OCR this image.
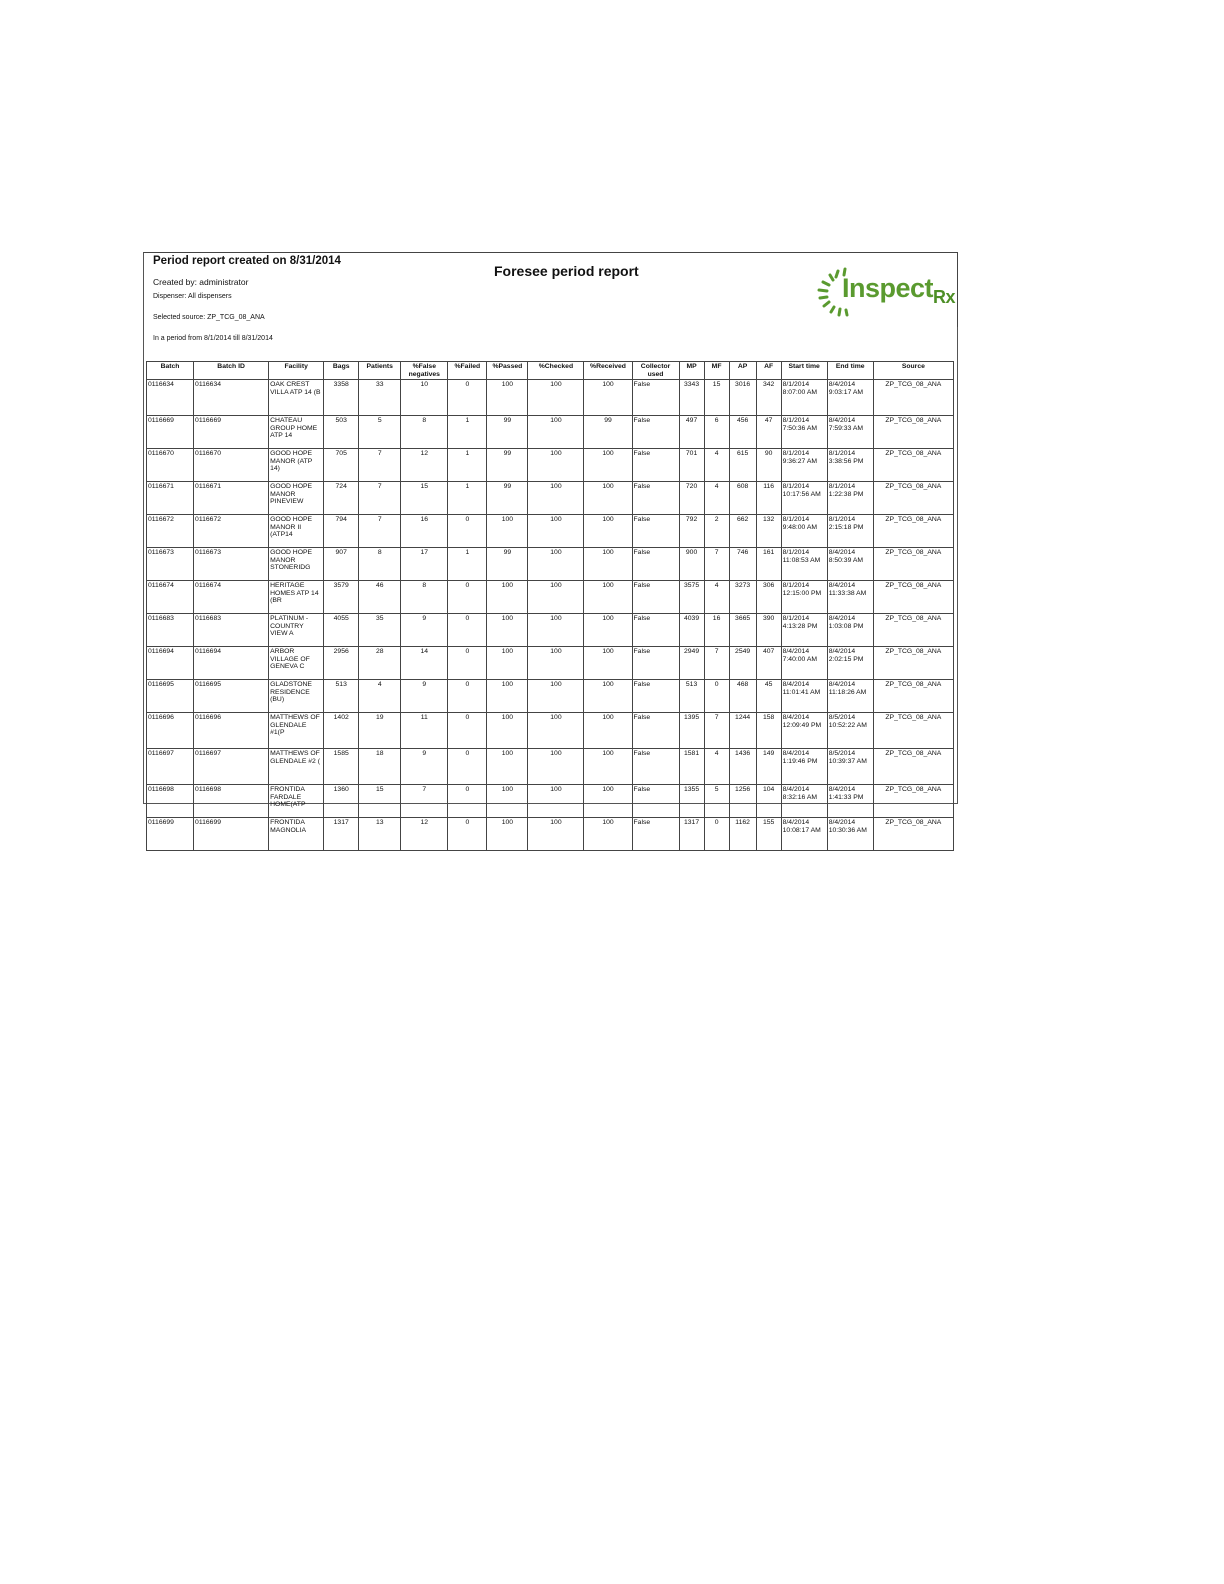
Period report created on 8/31/2014
Created by: administrator
Dispenser: All dispensers
Selected source: ZP_TCG_08_ANA
In a period from 8/1/2014 till 8/31/2014
Foresee period report
Inspect$_{Rx}$
Batch	Batch ID	Facility	Bags	Patients	%False negatives	%Failed	%Passed	%Checked	%Received	Collector used	MP	MF	AP	AF	Start time	End time	Source
0116634	0116634	OAK CREST VILLA ATP 14 (B	3358	33	10	0	100	100	100	False	3343	15	3016	342	8/1/2014 8:07:00 AM	8/4/2014 9:03:17 AM	ZP_TCG_08_ANA
0116669	0116669	CHATEAU GROUP HOME ATP 14	503	5	8	1	99	100	99	False	497	6	456	47	8/1/2014 7:50:36 AM	8/4/2014 7:59:33 AM	ZP_TCG_08_ANA
0116670	0116670	GOOD HOPE MANOR (ATP 14)	705	7	12	1	99	100	100	False	701	4	615	90	8/1/2014 9:36:27 AM	8/1/2014 3:38:56 PM	ZP_TCG_08_ANA
0116671	0116671	GOOD HOPE MANOR PINEVIEW	724	7	15	1	99	100	100	False	720	4	608	116	8/1/2014 10:17:56 AM	8/1/2014 1:22:38 PM	ZP_TCG_08_ANA
0116672	0116672	GOOD HOPE MANOR II (ATP14	794	7	16	0	100	100	100	False	792	2	662	132	8/1/2014 9:48:00 AM	8/1/2014 2:15:18 PM	ZP_TCG_08_ANA
0116673	0116673	GOOD HOPE MANOR STONERIDG	907	8	17	1	99	100	100	False	900	7	746	161	8/1/2014 11:08:53 AM	8/4/2014 8:50:39 AM	ZP_TCG_08_ANA
0116674	0116674	HERITAGE HOMES ATP 14 (BR	3579	46	8	0	100	100	100	False	3575	4	3273	306	8/1/2014 12:15:00 PM	8/4/2014 11:33:38 AM	ZP_TCG_08_ANA
0116683	0116683	PLATINUM - COUNTRY VIEW A	4055	35	9	0	100	100	100	False	4039	16	3665	390	8/1/2014 4:13:28 PM	8/4/2014 1:03:08 PM	ZP_TCG_08_ANA
0116694	0116694	ARBOR VILLAGE OF GENEVA C	2956	28	14	0	100	100	100	False	2949	7	2549	407	8/4/2014 7:40:00 AM	8/4/2014 2:02:15 PM	ZP_TCG_08_ANA
0116695	0116695	GLADSTONE RESIDENCE (BU)	513	4	9	0	100	100	100	False	513	0	468	45	8/4/2014 11:01:41 AM	8/4/2014 11:18:26 AM	ZP_TCG_08_ANA
0116696	0116696	MATTHEWS OF GLENDALE #1(P	1402	19	11	0	100	100	100	False	1395	7	1244	158	8/4/2014 12:09:49 PM	8/5/2014 10:52:22 AM	ZP_TCG_08_ANA
0116697	0116697	MATTHEWS OF GLENDALE #2 (	1585	18	9	0	100	100	100	False	1581	4	1436	149	8/4/2014 1:19:46 PM	8/5/2014 10:39:37 AM	ZP_TCG_08_ANA
0116698	0116698	FRONTIDA FARDALE HOME(ATP	1360	15	7	0	100	100	100	False	1355	5	1256	104	8/4/2014 8:32:16 AM	8/4/2014 1:41:33 PM	ZP_TCG_08_ANA
0116699	0116699	FRONTIDA MAGNOLIA	1317	13	12	0	100	100	100	False	1317	0	1162	155	8/4/2014 10:08:17 AM	8/4/2014 10:30:36 AM	ZP_TCG_08_ANA
